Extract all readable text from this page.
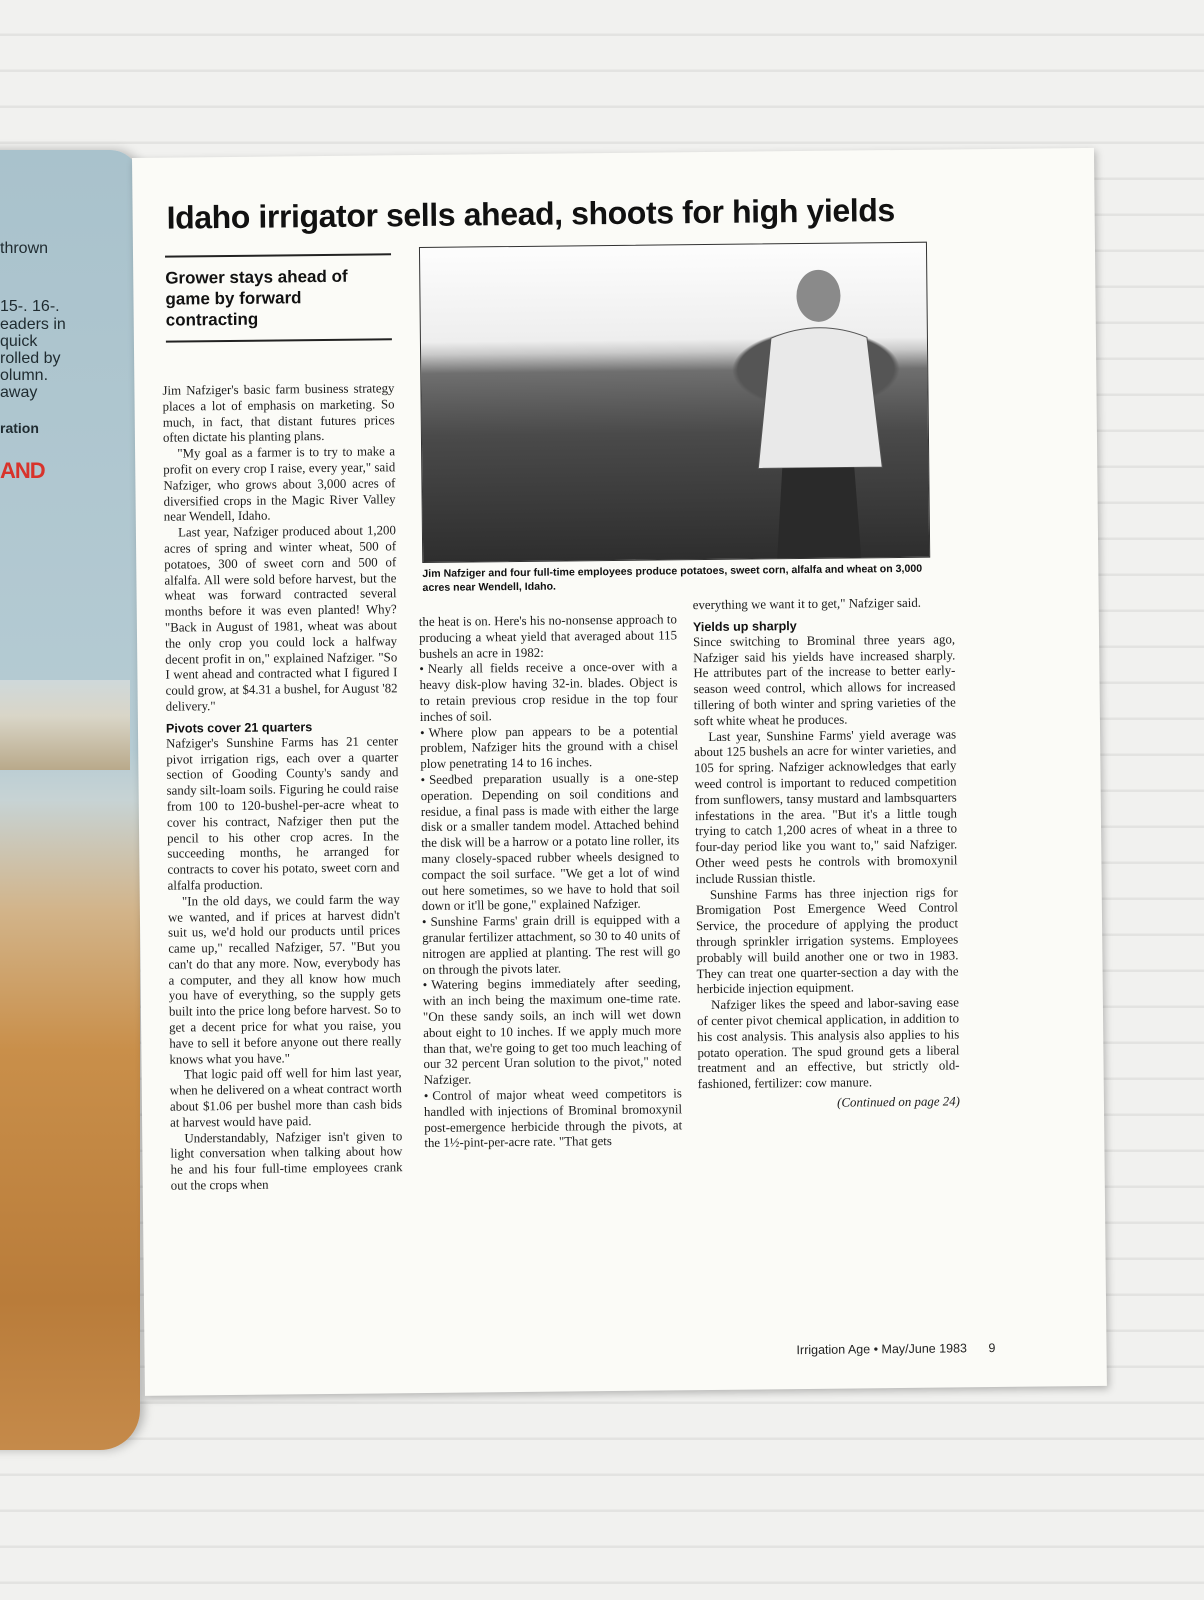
thrown
15-. 16-.
eaders in
quick
rolled by
olumn.
away
ration
AND
Idaho irrigator sells ahead, shoots for high yields
Grower stays ahead of game by forward contracting

Jim Nafziger and four full-time employees produce potatoes, sweet corn, alfalfa and wheat on 3,000 acres near Wendell, Idaho.

Jim Nafziger's basic farm business strategy places a lot of emphasis on marketing. So much, in fact, that distant futures prices often dictate his planting plans.

"My goal as a farmer is to try to make a profit on every crop I raise, every year," said Nafziger, who grows about 3,000 acres of diversified crops in the Magic River Valley near Wendell, Idaho.

Last year, Nafziger produced about 1,200 acres of spring and winter wheat, 500 of potatoes, 300 of sweet corn and 500 of alfalfa. All were sold before harvest, but the wheat was forward contracted several months before it was even planted! Why? "Back in August of 1981, wheat was about the only crop you could lock a halfway decent profit in on," explained Nafziger. "So I went ahead and contracted what I figured I could grow, at $4.31 a bushel, for August '82 delivery."

Pivots cover 21 quarters

Nafziger's Sunshine Farms has 21 center pivot irrigation rigs, each over a quarter section of Gooding County's sandy and sandy silt-loam soils. Figuring he could raise from 100 to 120-bushel-per-acre wheat to cover his contract, Nafziger then put the pencil to his other crop acres. In the succeeding months, he arranged for contracts to cover his potato, sweet corn and alfalfa production.

"In the old days, we could farm the way we wanted, and if prices at harvest didn't suit us, we'd hold our products until prices came up," recalled Nafziger, 57. "But you can't do that any more. Now, everybody has a computer, and they all know how much you have of everything, so the supply gets built into the price long before harvest. So to get a decent price for what you raise, you have to sell it before anyone out there really knows what you have."

That logic paid off well for him last year, when he delivered on a wheat contract worth about $1.06 per bushel more than cash bids at harvest would have paid.

Understandably, Nafziger isn't given to light conversation when talking about how he and his four full-time employees crank out the crops when

the heat is on. Here's his no-nonsense approach to producing a wheat yield that averaged about 115 bushels an acre in 1982:

• Nearly all fields receive a once-over with a heavy disk-plow having 32-in. blades. Object is to retain previous crop residue in the top four inches of soil.

• Where plow pan appears to be a potential problem, Nafziger hits the ground with a chisel plow penetrating 14 to 16 inches.

• Seedbed preparation usually is a one-step operation. Depending on soil conditions and residue, a final pass is made with either the large disk or a smaller tandem model. Attached behind the disk will be a harrow or a potato line roller, its many closely-spaced rubber wheels designed to compact the soil surface. "We get a lot of wind out here sometimes, so we have to hold that soil down or it'll be gone," explained Nafziger.

• Sunshine Farms' grain drill is equipped with a granular fertilizer attachment, so 30 to 40 units of nitrogen are applied at planting. The rest will go on through the pivots later.

• Watering begins immediately after seeding, with an inch being the maximum one-time rate. "On these sandy soils, an inch will wet down about eight to 10 inches. If we apply much more than that, we're going to get too much leaching of our 32 percent Uran solution to the pivot," noted Nafziger.

• Control of major wheat weed competitors is handled with injections of Brominal bromoxynil post-emergence herbicide through the pivots, at the 1½-pint-per-acre rate. "That gets

everything we want it to get," Nafziger said.

Yields up sharply

Since switching to Brominal three years ago, Nafziger said his yields have increased sharply. He attributes part of the increase to better early-season weed control, which allows for increased tillering of both winter and spring varieties of the soft white wheat he produces.

Last year, Sunshine Farms' yield average was about 125 bushels an acre for winter varieties, and 105 for spring. Nafziger acknowledges that early weed control is important to reduced competition from sunflowers, tansy mustard and lambsquarters infestations in the area. "But it's a little tough trying to catch 1,200 acres of wheat in a three to four-day period like you want to," said Nafziger. Other weed pests he controls with bromoxynil include Russian thistle.

Sunshine Farms has three injection rigs for Bromigation Post Emergence Weed Control Service, the procedure of applying the product through sprinkler irrigation systems. Employees probably will build another one or two in 1983. They can treat one quarter-section a day with the herbicide injection equipment.

Nafziger likes the speed and labor-saving ease of center pivot chemical application, in addition to his cost analysis. This analysis also applies to his potato operation. The spud ground gets a liberal treatment and an effective, but strictly old-fashioned, fertilizer: cow manure.

(Continued on page 24)

Irrigation Age • May/June 1983 9
